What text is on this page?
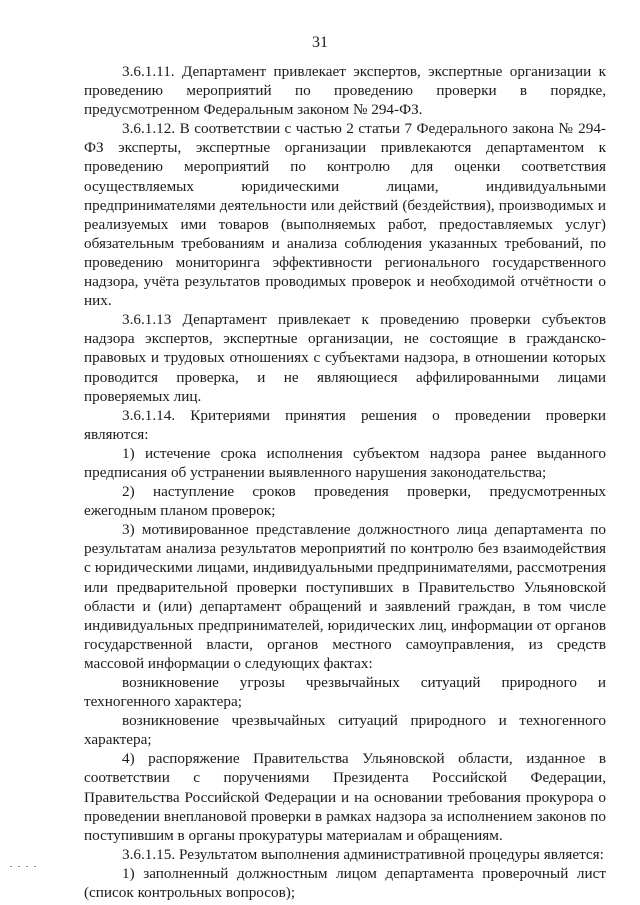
31

3.6.1.11. Департамент привлекает экспертов, экспертные организации к проведению мероприятий по проведению проверки в порядке, предусмотренном Федеральным законом № 294-ФЗ.

3.6.1.12. В соответствии с частью 2 статьи 7 Федерального закона № 294-ФЗ эксперты, экспертные организации привлекаются департаментом к проведению мероприятий по контролю для оценки соответствия осуществляемых юридическими лицами, индивидуальными предпринимателями деятельности или действий (бездействия), производимых и реализуемых ими товаров (выполняемых работ, предоставляемых услуг) обязательным требованиям и анализа соблюдения указанных требований, по проведению мониторинга эффективности регионального государственного надзора, учёта результатов проводимых проверок и необходимой отчётности о них.

3.6.1.13 Департамент привлекает к проведению проверки субъектов надзора экспертов, экспертные организации, не состоящие в гражданско-правовых и трудовых отношениях с субъектами надзора, в отношении которых проводится проверка, и не являющиеся аффилированными лицами проверяемых лиц.

3.6.1.14. Критериями принятия решения о проведении проверки являются:

1) истечение срока исполнения субъектом надзора ранее выданного предписания об устранении выявленного нарушения законодательства;

2) наступление сроков проведения проверки, предусмотренных ежегодным планом проверок;

3) мотивированное представление должностного лица департамента по результатам анализа результатов мероприятий по контролю без взаимодействия с юридическими лицами, индивидуальными предпринимателями, рассмотрения или предварительной проверки поступивших в Правительство Ульяновской области и (или) департамент обращений и заявлений граждан, в том числе индивидуальных предпринимателей, юридических лиц, информации от органов государственной власти, органов местного самоуправления, из средств массовой информации о следующих фактах:

возникновение угрозы чрезвычайных ситуаций природного и техногенного характера;

возникновение чрезвычайных ситуаций природного и техногенного характера;

4) распоряжение Правительства Ульяновской области, изданное в соответствии с поручениями Президента Российской Федерации, Правительства Российской Федерации и на основании требования прокурора о проведении внеплановой проверки в рамках надзора за исполнением законов по поступившим в органы прокуратуры материалам и обращениям.

3.6.1.15. Результатом выполнения административной процедуры является:

1) заполненный должностным лицом департамента проверочный лист (список контрольных вопросов);
